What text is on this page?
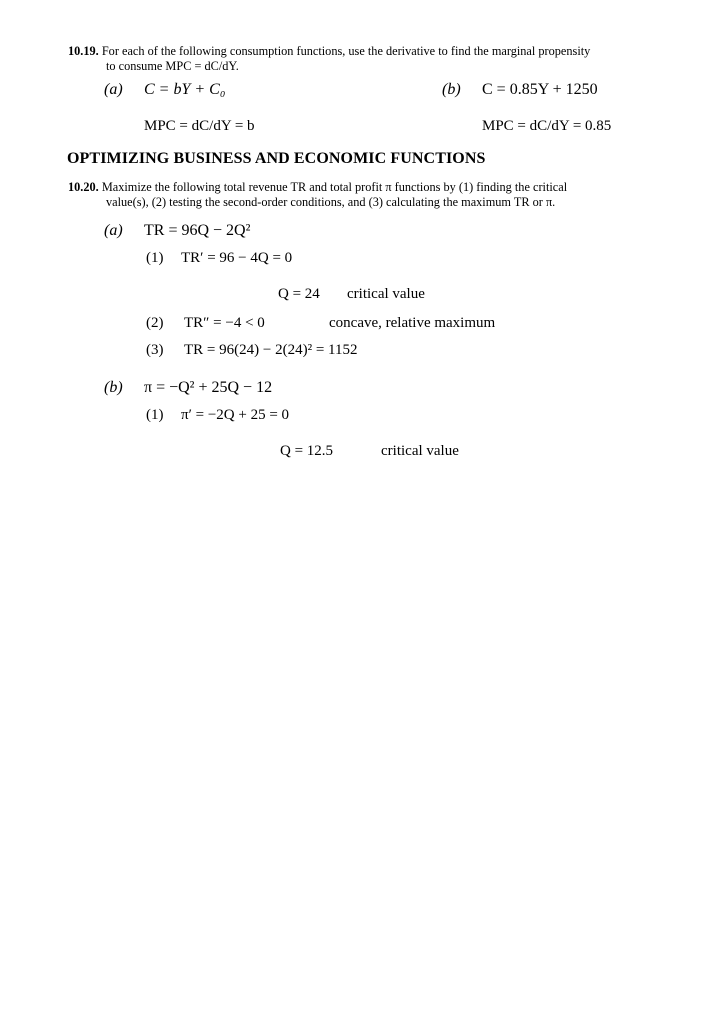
10.19. For each of the following consumption functions, use the derivative to find the marginal propensity
to consume MPC = dC/dY.
(a) C = bY + C₀
MPC = dC/dY = b
(b) C = 0.85Y + 1250
MPC = dC/dY = 0.85
OPTIMIZING BUSINESS AND ECONOMIC FUNCTIONS
10.20. Maximize the following total revenue TR and total profit π functions by (1) finding the critical
value(s), (2) testing the second-order conditions, and (3) calculating the maximum TR or π.
(a) TR = 96Q − 2Q²
(1) TR′ = 96 − 4Q = 0
Q = 24 critical value
(2) TR″ = −4 < 0	concave, relative maximum
(3) TR = 96(24) − 2(24)² = 1152
(b) π = −Q² + 25Q − 12
(1) π′ = −2Q + 25 = 0
Q = 12.5	critical value
